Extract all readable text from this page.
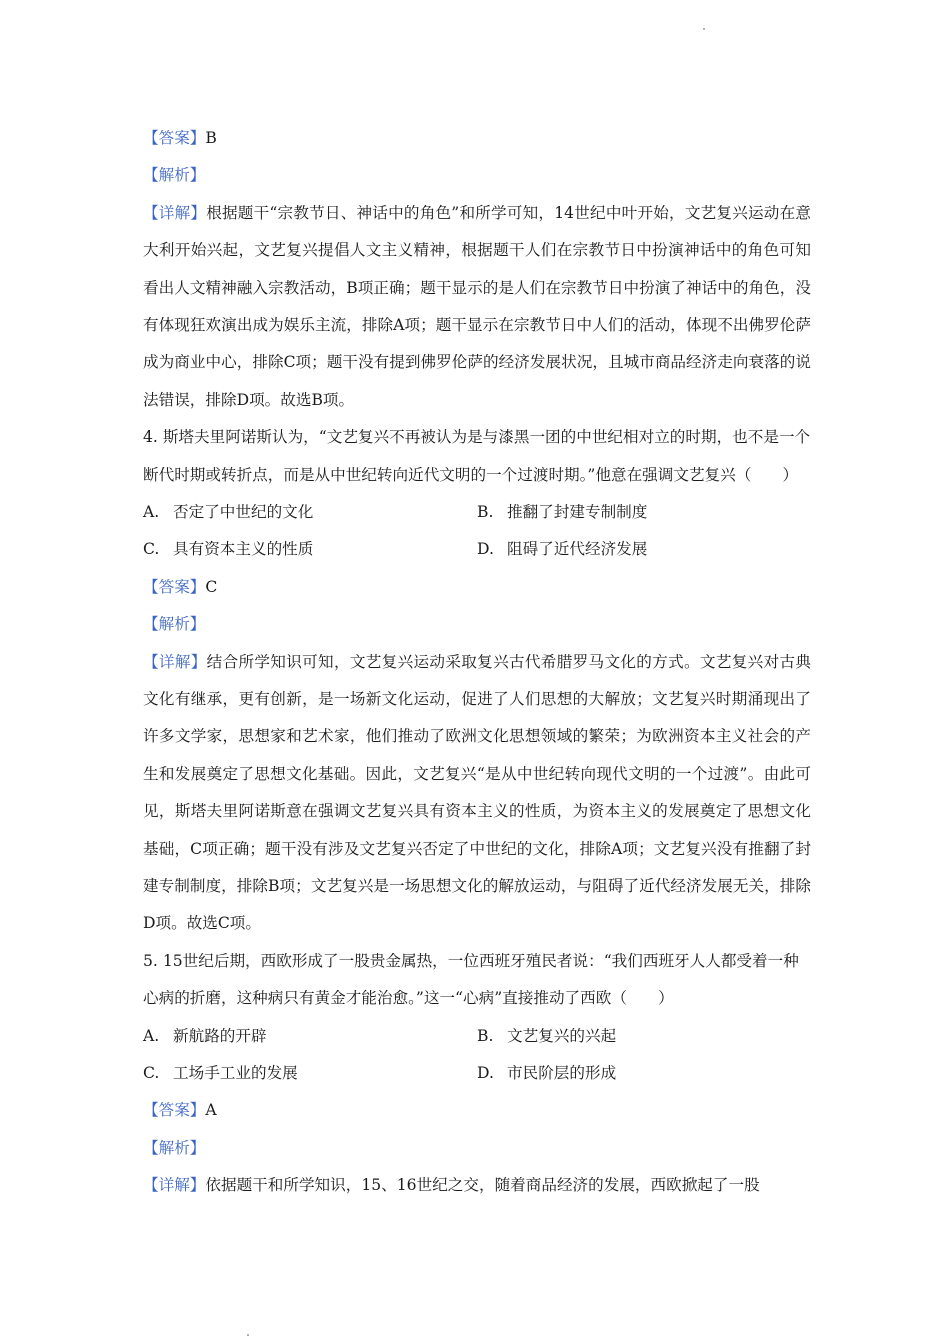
【答案】B
【解析】
【详解】根据题干“宗教节日、神话中的角色”和所学可知，14世纪中叶开始，文艺复兴运动在意大利开始兴起，文艺复兴提倡人文主义精神，根据题干人们在宗教节日中扮演神话中的角色可知看出人文精神融入宗教活动，B项正确；题干显示的是人们在宗教节日中扮演了神话中的角色，没有体现狂欢演出成为娱乐主流，排除A项；题干显示在宗教节日中人们的活动，体现不出佛罗伦萨成为商业中心，排除C项；题干没有提到佛罗伦萨的经济发展状况，且城市商品经济走向衰落的说法错误，排除D项。故选B项。
4. 斯塔夫里阿诺斯认为，“文艺复兴不再被认为是与漆黑一团的中世纪相对立的时期，也不是一个断代时期或转折点，而是从中世纪转向近代文明的一个过渡时期。”他意在强调文艺复兴（　　）
A. 否定了中世纪的文化	B. 推翻了封建专制制度
C. 具有资本主义的性质	D. 阻碍了近代经济发展
【答案】C
【解析】
【详解】结合所学知识可知，文艺复兴运动采取复兴古代希腊罗马文化的方式。文艺复兴对古典文化有继承，更有创新，是一场新文化运动，促进了人们思想的大解放；文艺复兴时期涌现出了许多文学家，思想家和艺术家，他们推动了欧洲文化思想领域的繁荣；为欧洲资本主义社会的产生和发展奠定了思想文化基础。因此，文艺复兴“是从中世纪转向现代文明的一个过渡”。由此可见，斯塔夫里阿诺斯意在强调文艺复兴具有资本主义的性质，为资本主义的发展奠定了思想文化基础，C项正确；题干没有涉及文艺复兴否定了中世纪的文化，排除A项；文艺复兴没有推翻了封建专制制度，排除B项；文艺复兴是一场思想文化的解放运动，与阻碍了近代经济发展无关，排除D项。故选C项。
5. 15世纪后期，西欧形成了一股贵金属热，一位西班牙殖民者说：“我们西班牙人人都受着一种心病的折磨，这种病只有黄金才能治愈。”这一“心病”直接推动了西欧（　　）
A. 新航路的开辟	B. 文艺复兴的兴起
C. 工场手工业的发展	D. 市民阶层的形成
【答案】A
【解析】
【详解】依据题干和所学知识，15、16世纪之交，随着商品经济的发展，西欧掀起了一股
